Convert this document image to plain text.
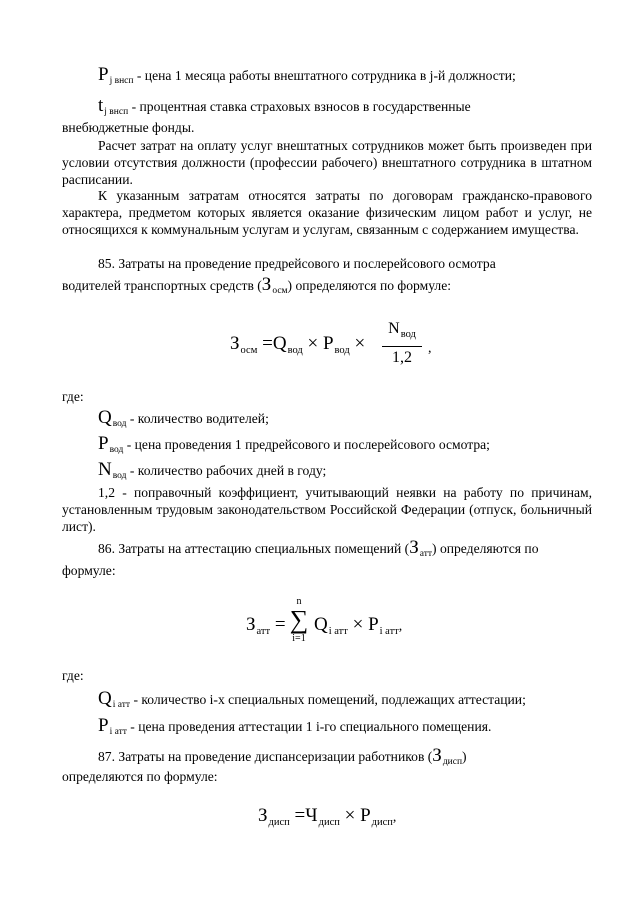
$P_{j внсп}$ - цена 1 месяца работы внештатного сотрудника в j-й должности;
$t_{j внсп}$ - процентная ставка страховых взносов в государственные

внебюджетные фонды.

Расчет затрат на оплату услуг внештатных сотрудников может быть произведен при условии отсутствия должности (профессии рабочего) внештатного сотрудника в штатном расписании.

К указанным затратам относятся затраты по договорам гражданско-правового характера, предметом которых является оказание физическим лицом работ и услуг, не относящихся к коммунальным услугам и услугам, связанным с содержанием имущества.

85. Затраты на проведение предрейсового и послерейсового осмотра

водителей транспортных средств $(З_{осм})$ определяются по формуле:
$З_{осм} =Q_{вод} \times P_{вод}$ ×
$N_{вод}$
1,2
,

где:

$Q_{вод}$ - количество водителей;
$P_{вод}$ - цена проведения 1 предрейсового и послерейсового осмотра;
$N_{вод}$ - количество рабочих дней в году;

1,2 - поправочный коэффициент, учитывающий неявки на работу по причинам, установленным трудовым законодательством Российской Федерации (отпуск, больничный лист).

86. Затраты на аттестацию специальных помещений $(З_{атт})$ определяются по

формуле:

$З_{атт}$ =
n
∑
i=1
$Q_{i атт} \times P_{i атт}$,

где:

$Q_{i атт}$ - количество i-х специальных помещений, подлежащих аттестации;
$P_{i атт}$ - цена проведения аттестации 1 i-го специального помещения.
87. Затраты на проведение диспансеризации работников $(З_{дисп})$

определяются по формуле:

$З_{дисп} =Ч_{дисп} \times P_{дисп}$,
